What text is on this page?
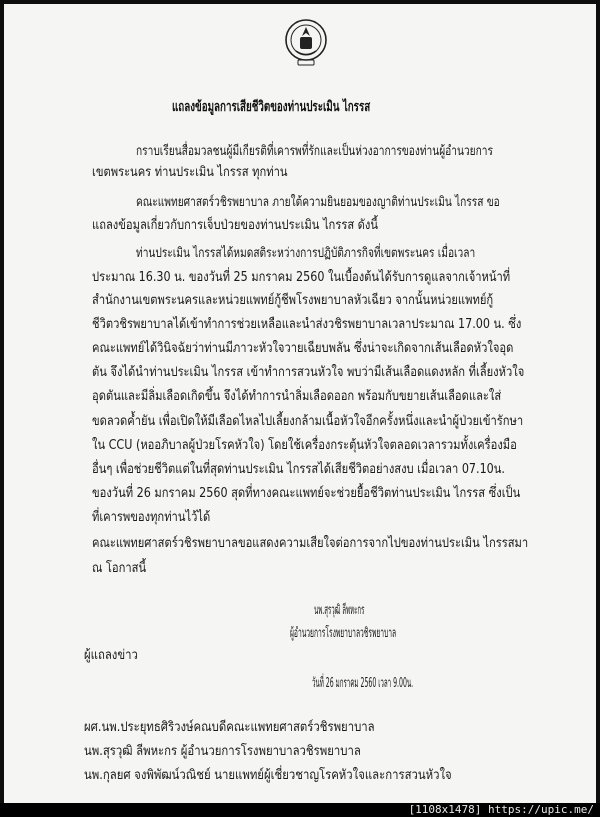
แถลงข้อมูลการเสียชีวิตของท่านประเมิน ไกรรส
กราบเรียนสื่อมวลชนผู้มีเกียรติที่เคารพที่รักและเป็นห่วงอาการของท่านผู้อำนวยการ
เขตพระนคร ท่านประเมิน ไกรรส ทุกท่าน
คณะแพทยศาสตร์วชิรพยาบาล ภายใต้ความยินยอมของญาติท่านประเมิน ไกรรส ขอ
แถลงข้อมูลเกี่ยวกับการเจ็บป่วยของท่านประเมิน ไกรรส ดังนี้
ท่านประเมิน ไกรรสได้หมดสติระหว่างการปฏิบัติภารกิจที่เขตพระนคร เมื่อเวลา
ประมาณ 16.30 น. ของวันที่ 25 มกราคม 2560 ในเบื้องต้นได้รับการดูแลจากเจ้าหน้าที่
สำนักงานเขตพระนครและหน่วยแพทย์กู้ชีพโรงพยาบาลหัวเฉียว จากนั้นหน่วยแพทย์กู้
ชีวิตวชิรพยาบาลได้เข้าทำการช่วยเหลือและนำส่งวชิรพยาบาลเวลาประมาณ 17.00 น. ซึ่ง
คณะแพทย์ได้วินิจฉัยว่าท่านมีภาวะหัวใจวายเฉียบพลัน ซึ่งน่าจะเกิดจากเส้นเลือดหัวใจอุด
ตัน จึงได้นำท่านประเมิน ไกรรส เข้าทำการสวนหัวใจ พบว่ามีเส้นเลือดแดงหลัก ที่เลี้ยงหัวใจ
อุดตันและมีลิ่มเลือดเกิดขึ้น จึงได้ทำการนำลิ่มเลือดออก พร้อมกับขยายเส้นเลือดและใส่
ขดลวดค้ำยัน เพื่อเปิดให้มีเลือดไหลไปเลี้ยงกล้ามเนื้อหัวใจอีกครั้งหนึ่งและนำผู้ป่วยเข้ารักษา
ใน CCU (หออภิบาลผู้ป่วยโรคหัวใจ) โดยใช้เครื่องกระตุ้นหัวใจตลอดเวลารวมทั้งเครื่องมือ
อื่นๆ เพื่อช่วยชีวิตแต่ในที่สุดท่านประเมิน ไกรรสได้เสียชีวิตอย่างสงบ เมื่อเวลา 07.10น.
ของวันที่ 26 มกราคม 2560 สุดที่ทางคณะแพทย์จะช่วยยื้อชีวิตท่านประเมิน ไกรรส ซึ่งเป็น
ที่เคารพของทุกท่านไว้ได้
คณะแพทยศาสตร์วชิรพยาบาลขอแสดงความเสียใจต่อการจากไปของท่านประเมิน ไกรรสมา
ณ โอกาสนี้
นพ.สุรวุฒิ ลีพหะกร
ผู้อำนวยการโรงพยาบาลวชิรพยาบาล
ผู้แถลงข่าว
วันที่ 26 มกราคม 2560 เวลา 9.00น.
ผศ.นพ.ประยุทธศิริวงษ์คณบดีคณะแพทยศาสตร์วชิรพยาบาล
นพ.สุรวุฒิ ลีพหะกร ผู้อำนวยการโรงพยาบาลวชิรพยาบาล
นพ.กุลยศ จงพิพัฒน์วณิชย์ นายแพทย์ผู้เชี่ยวชาญโรคหัวใจและการสวนหัวใจ
[1108x1478] https://upic.me/
